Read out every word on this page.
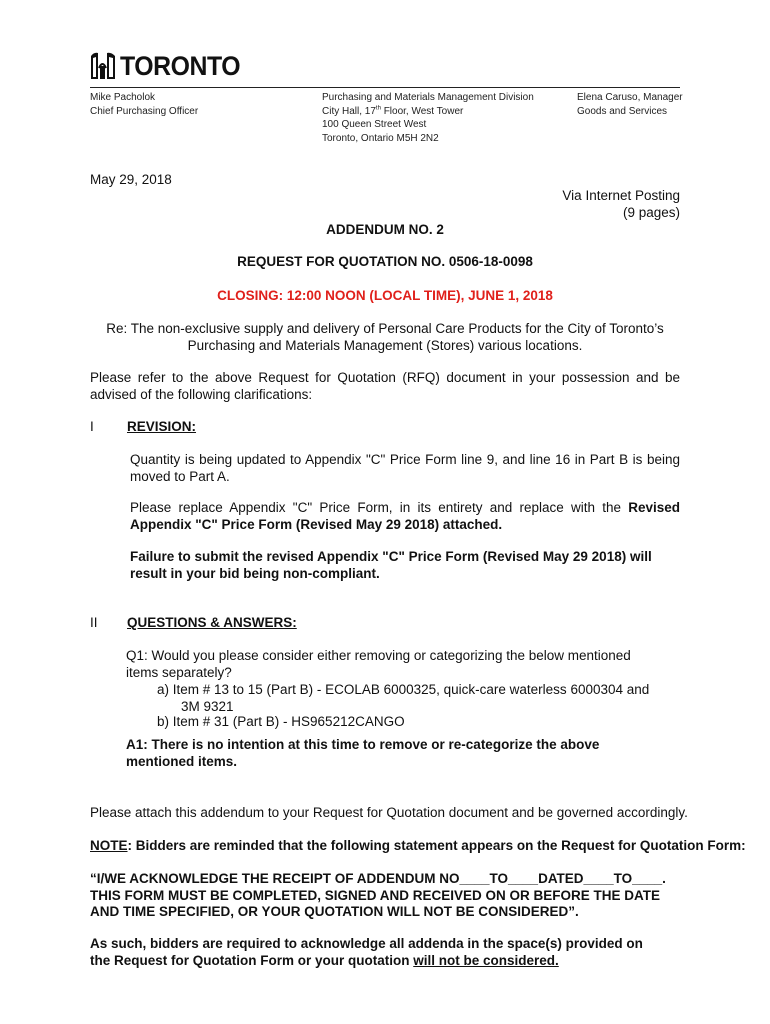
TORONTO
Mike Pacholok
Chief Purchasing Officer
Purchasing and Materials Management Division
City Hall, 17th Floor, West Tower
100 Queen Street West
Toronto, Ontario M5H 2N2
Elena Caruso, Manager
Goods and Services
May 29, 2018
Via Internet Posting
(9 pages)
ADDENDUM NO. 2
REQUEST FOR QUOTATION NO. 0506-18-0098
CLOSING: 12:00 NOON (LOCAL TIME), JUNE 1, 2018
Re: The non-exclusive supply and delivery of Personal Care Products for the City of Toronto’s
Purchasing and Materials Management (Stores) various locations.
Please refer to the above Request for Quotation (RFQ) document in your possession and be advised of the following clarifications:
I REVISION:
Quantity is being updated to Appendix "C" Price Form line 9, and line 16 in Part B is being moved to Part A.
Please replace Appendix "C" Price Form, in its entirety and replace with the Revised Appendix "C" Price Form (Revised May 29 2018) attached.
Failure to submit the revised Appendix "C" Price Form (Revised May 29 2018) will result in your bid being non-compliant.
II QUESTIONS & ANSWERS:
Q1: Would you please consider either removing or categorizing the below mentioned
items separately?
a) Item # 13 to 15 (Part B) - ECOLAB 6000325, quick-care waterless 6000304 and
3M 9321
b) Item # 31 (Part B) - HS965212CANGO
A1: There is no intention at this time to remove or re-categorize the above
mentioned items.
Please attach this addendum to your Request for Quotation document and be governed accordingly.
NOTE: Bidders are reminded that the following statement appears on the Request for Quotation Form:
“I/WE ACKNOWLEDGE THE RECEIPT OF ADDENDUM NO____TO____DATED____TO____.
THIS FORM MUST BE COMPLETED, SIGNED AND RECEIVED ON OR BEFORE THE DATE
AND TIME SPECIFIED, OR YOUR QUOTATION WILL NOT BE CONSIDERED”.
As such, bidders are required to acknowledge all addenda in the space(s) provided on
the Request for Quotation Form or your quotation will not be considered.
